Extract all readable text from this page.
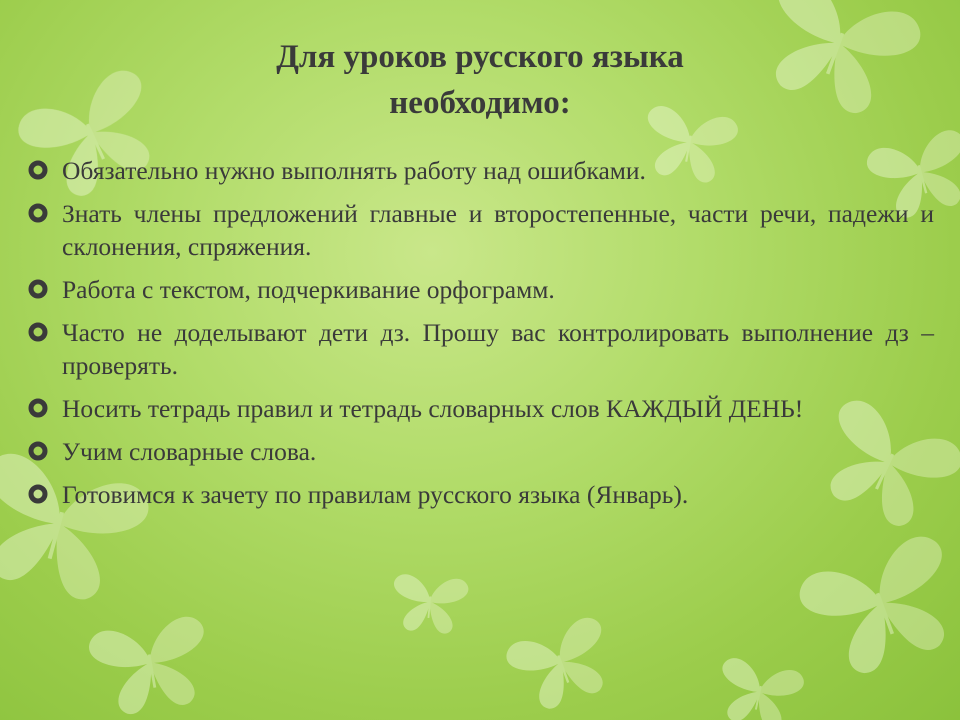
Для уроков русского языка
необходимо:
Обязательно нужно выполнять работу над ошибками.
Знать члены предложений главные и второстепенные, части речи, падежи и склонения, спряжения.
Работа с текстом, подчеркивание орфограмм.
Часто не доделывают дети дз. Прошу вас контролировать выполнение дз – проверять.
Носить тетрадь правил и тетрадь словарных слов КАЖДЫЙ ДЕНЬ!
Учим словарные слова.
Готовимся к зачету по правилам русского языка (Январь).
